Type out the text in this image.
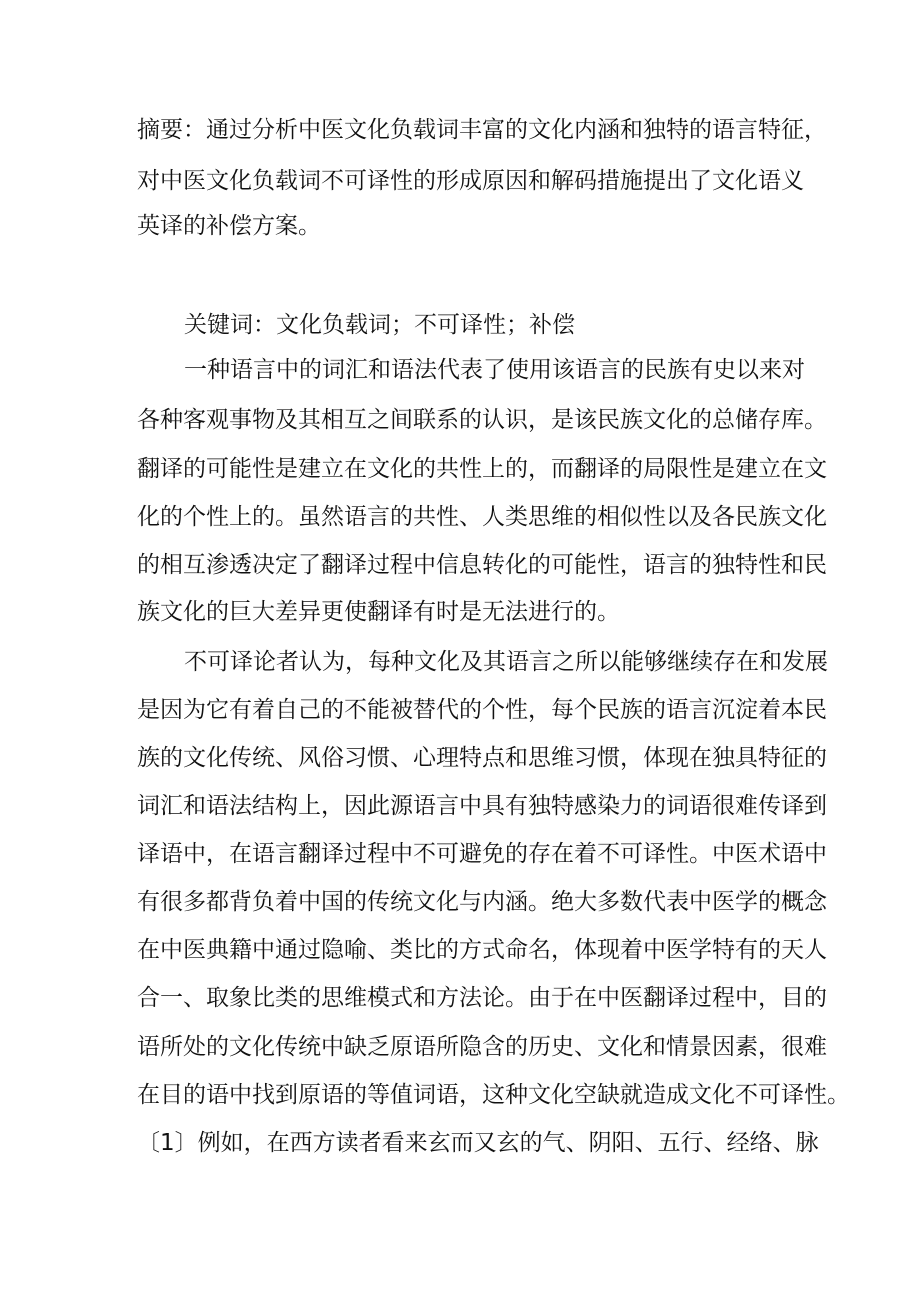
摘要：通过分析中医文化负载词丰富的文化内涵和独特的语言特征，
对中医文化负载词不可译性的形成原因和解码措施提出了文化语义
英译的补偿方案。
关键词：文化负载词；不可译性；补偿
一种语言中的词汇和语法代表了使用该语言的民族有史以来对
各种客观事物及其相互之间联系的认识，是该民族文化的总储存库。
翻译的可能性是建立在文化的共性上的，而翻译的局限性是建立在文
化的个性上的。虽然语言的共性、人类思维的相似性以及各民族文化
的相互渗透决定了翻译过程中信息转化的可能性，语言的独特性和民
族文化的巨大差异更使翻译有时是无法进行的。
不可译论者认为，每种文化及其语言之所以能够继续存在和发展
是因为它有着自己的不能被替代的个性，每个民族的语言沉淀着本民
族的文化传统、风俗习惯、心理特点和思维习惯，体现在独具特征的
词汇和语法结构上，因此源语言中具有独特感染力的词语很难传译到
译语中，在语言翻译过程中不可避免的存在着不可译性。中医术语中
有很多都背负着中国的传统文化与内涵。绝大多数代表中医学的概念
在中医典籍中通过隐喻、类比的方式命名，体现着中医学特有的天人
合一、取象比类的思维模式和方法论。由于在中医翻译过程中，目的
语所处的文化传统中缺乏原语所隐含的历史、文化和情景因素，很难
在目的语中找到原语的等值词语，这种文化空缺就造成文化不可译性。
〔1〕例如，在西方读者看来玄而又玄的气、阴阳、五行、经络、脉
